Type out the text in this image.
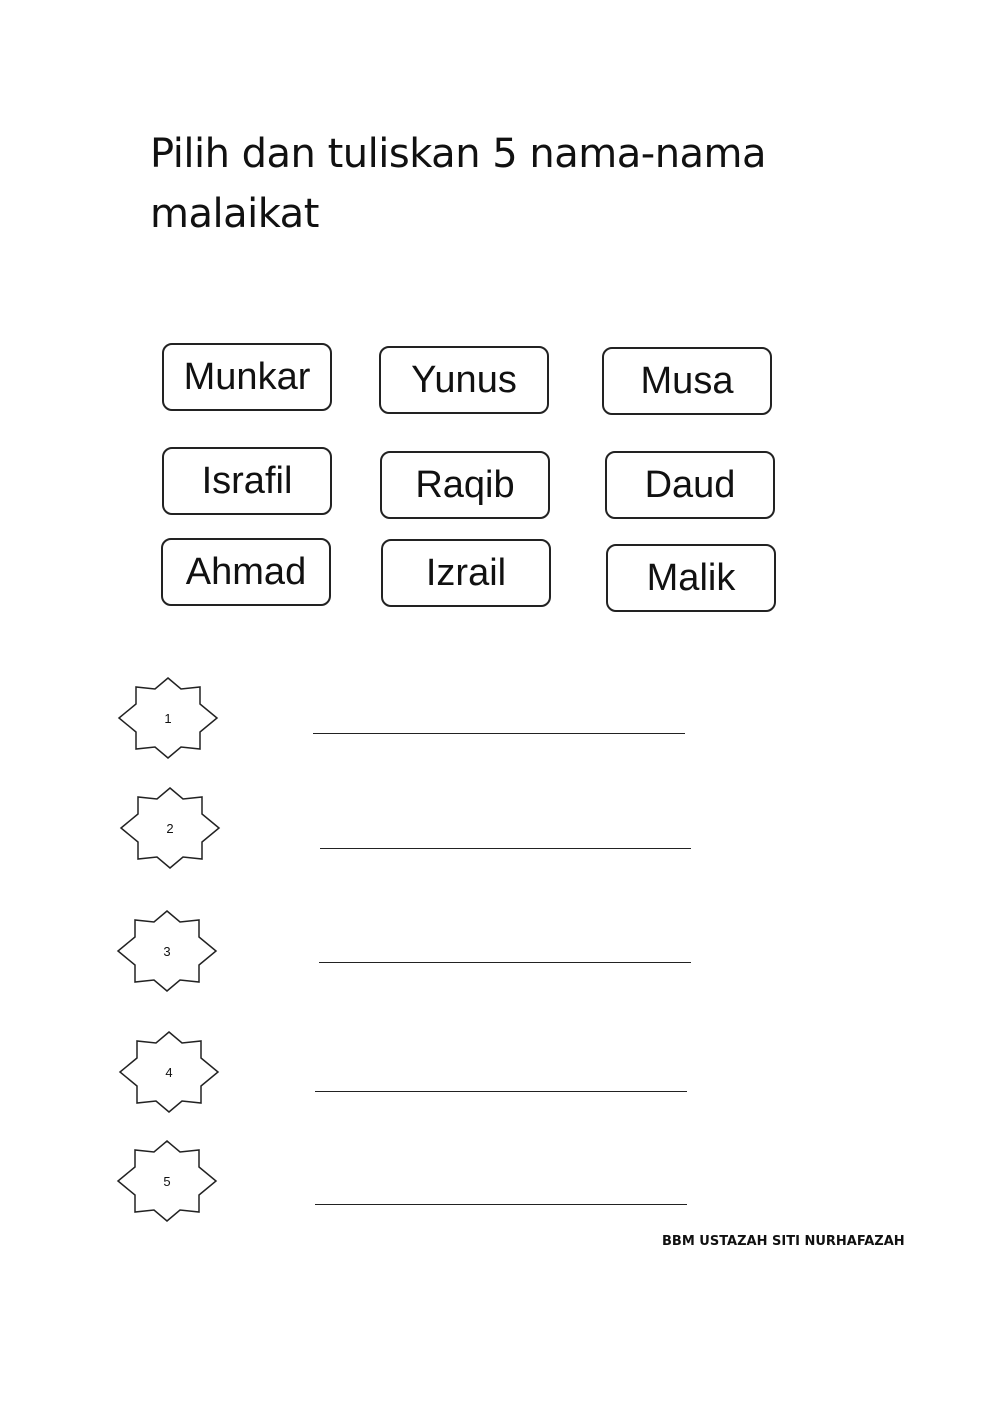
Pilih dan tuliskan 5 nama-nama
malaikat
Munkar	Yunus	Musa
Israfil	Raqib	Daud
Ahmad	Izrail	Malik
1
2
3
4
5
BBM USTAZAH SITI NURHAFAZAH
